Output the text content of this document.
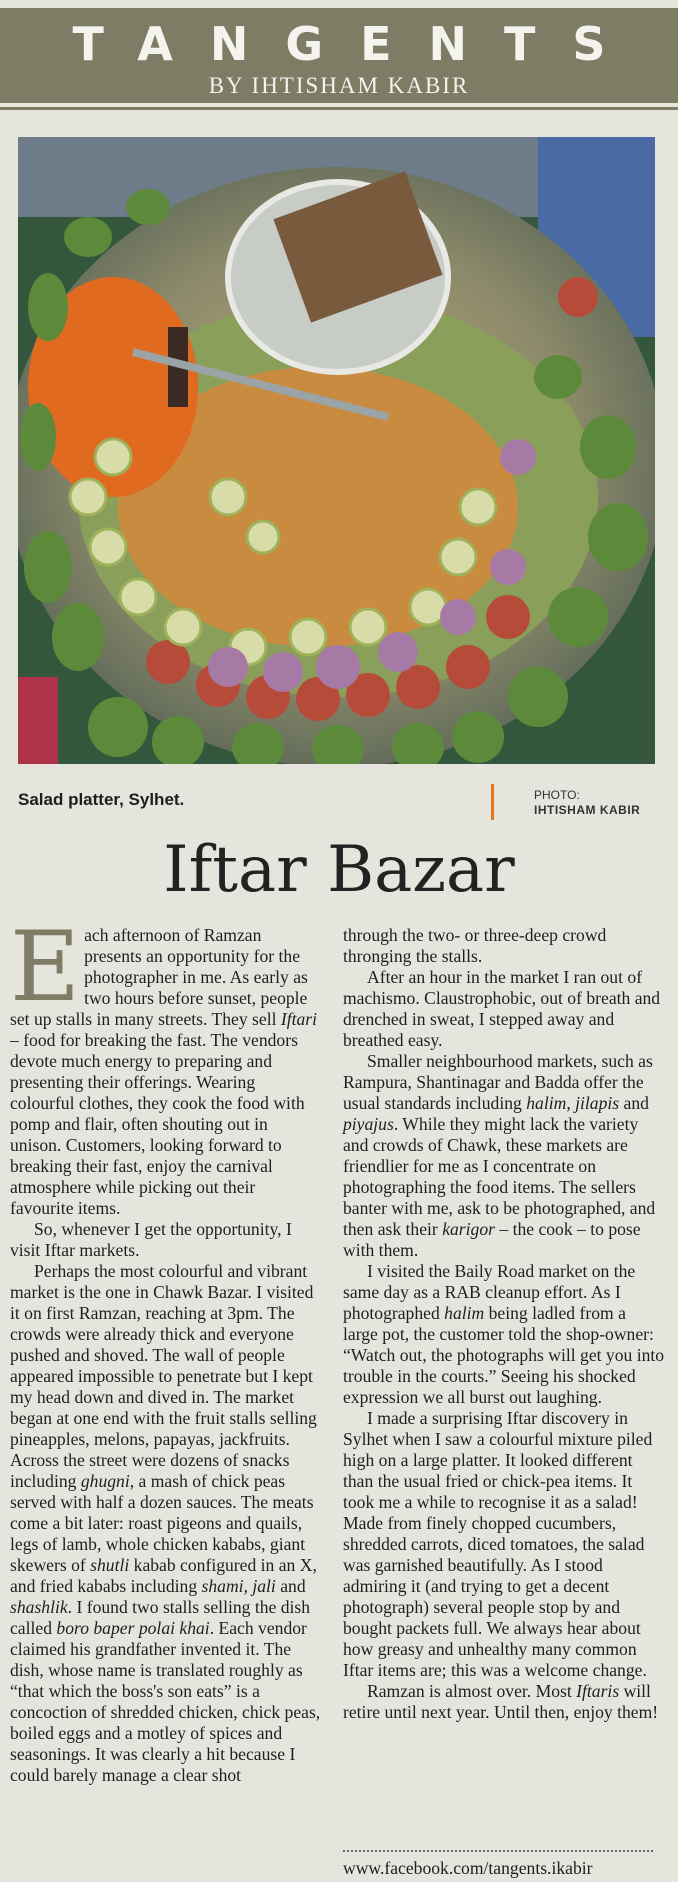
TANGENTS
BY IHTISHAM KABIR
Salad platter, Sylhet.	PHOTO:
IHTISHAM KABIR
Iftar Bazar

Each afternoon of Ramzan presents an opportunity for the photographer in me. As early as two hours before sunset, people set up stalls in many streets. They sell Iftari – food for breaking the fast. The vendors devote much energy to preparing and presenting their offerings. Wearing colourful clothes, they cook the food with pomp and flair, often shouting out in unison. Customers, looking forward to breaking their fast, enjoy the carnival atmosphere while picking out their favourite items.

So, whenever I get the opportunity, I visit Iftar markets.

Perhaps the most colourful and vibrant market is the one in Chawk Bazar. I visited it on first Ramzan, reaching at 3pm. The crowds were already thick and everyone pushed and shoved. The wall of people appeared impossible to penetrate but I kept my head down and dived in. The market began at one end with the fruit stalls selling pineapples, melons, papayas, jackfruits. Across the street were dozens of snacks including ghugni, a mash of chick peas served with half a dozen sauces. The meats come a bit later: roast pigeons and quails, legs of lamb, whole chicken kababs, giant skewers of shutli kabab configured in an X, and fried kababs including shami, jali and shashlik. I found two stalls selling the dish called boro baper polai khai. Each vendor claimed his grandfather invented it. The dish, whose name is translated roughly as “that which the boss's son eats” is a concoction of shredded chicken, chick peas, boiled eggs and a motley of spices and seasonings. It was clearly a hit because I could barely manage a clear shot

through the two- or three-deep crowd thronging the stalls.

After an hour in the market I ran out of machismo. Claustrophobic, out of breath and drenched in sweat, I stepped away and breathed easy.

Smaller neighbourhood markets, such as Rampura, Shantinagar and Badda offer the usual standards including halim, jilapis and piyajus. While they might lack the variety and crowds of Chawk, these markets are friendlier for me as I concentrate on photographing the food items. The sellers banter with me, ask to be photographed, and then ask their karigor – the cook – to pose with them.

I visited the Baily Road market on the same day as a RAB cleanup effort. As I photographed halim being ladled from a large pot, the customer told the shop-owner: “Watch out, the photographs will get you into trouble in the courts.” Seeing his shocked expression we all burst out laughing.

I made a surprising Iftar discovery in Sylhet when I saw a colourful mixture piled high on a large platter. It looked different than the usual fried or chick-pea items. It took me a while to recognise it as a salad! Made from finely chopped cucumbers, shredded carrots, diced tomatoes, the salad was garnished beautifully. As I stood admiring it (and trying to get a decent photograph) several people stop by and bought packets full. We always hear about how greasy and unhealthy many common Iftar items are; this was a welcome change.

Ramzan is almost over. Most Iftaris will retire until next year. Until then, enjoy them!

www.facebook.com/tangents.ikabir
